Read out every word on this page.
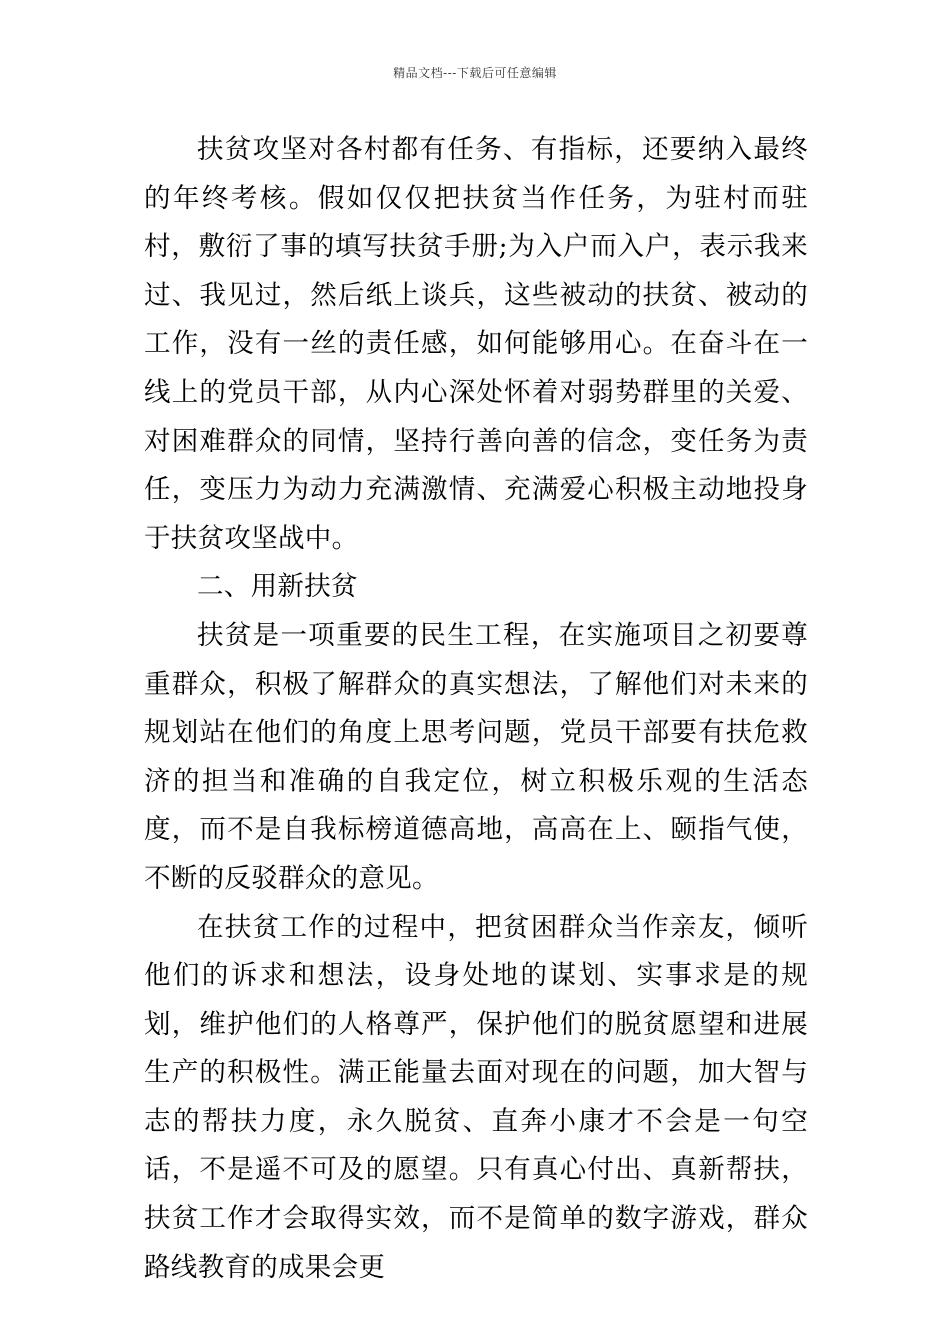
精品文档---下载后可任意编辑

扶贫攻坚对各村都有任务、有指标，还要纳入最终的年终考核。假如仅仅把扶贫当作任务，为驻村而驻村，敷衍了事的填写扶贫手册;为入户而入户，表示我来过、我见过，然后纸上谈兵，这些被动的扶贫、被动的工作，没有一丝的责任感，如何能够用心。在奋斗在一线上的党员干部，从内心深处怀着对弱势群里的关爱、对困难群众的同情，坚持行善向善的信念，变任务为责任，变压力为动力充满激情、充满爱心积极主动地投身于扶贫攻坚战中。

二、用新扶贫

扶贫是一项重要的民生工程，在实施项目之初要尊重群众，积极了解群众的真实想法，了解他们对未来的规划站在他们的角度上思考问题，党员干部要有扶危救济的担当和准确的自我定位，树立积极乐观的生活态度，而不是自我标榜道德高地，高高在上、颐指气使，不断的反驳群众的意见。

在扶贫工作的过程中，把贫困群众当作亲友，倾听他们的诉求和想法，设身处地的谋划、实事求是的规划，维护他们的人格尊严，保护他们的脱贫愿望和进展生产的积极性。满正能量去面对现在的问题，加大智与志的帮扶力度，永久脱贫、直奔小康才不会是一句空话，不是遥不可及的愿望。只有真心付出、真新帮扶，扶贫工作才会取得实效，而不是简单的数字游戏，群众路线教育的成果会更
